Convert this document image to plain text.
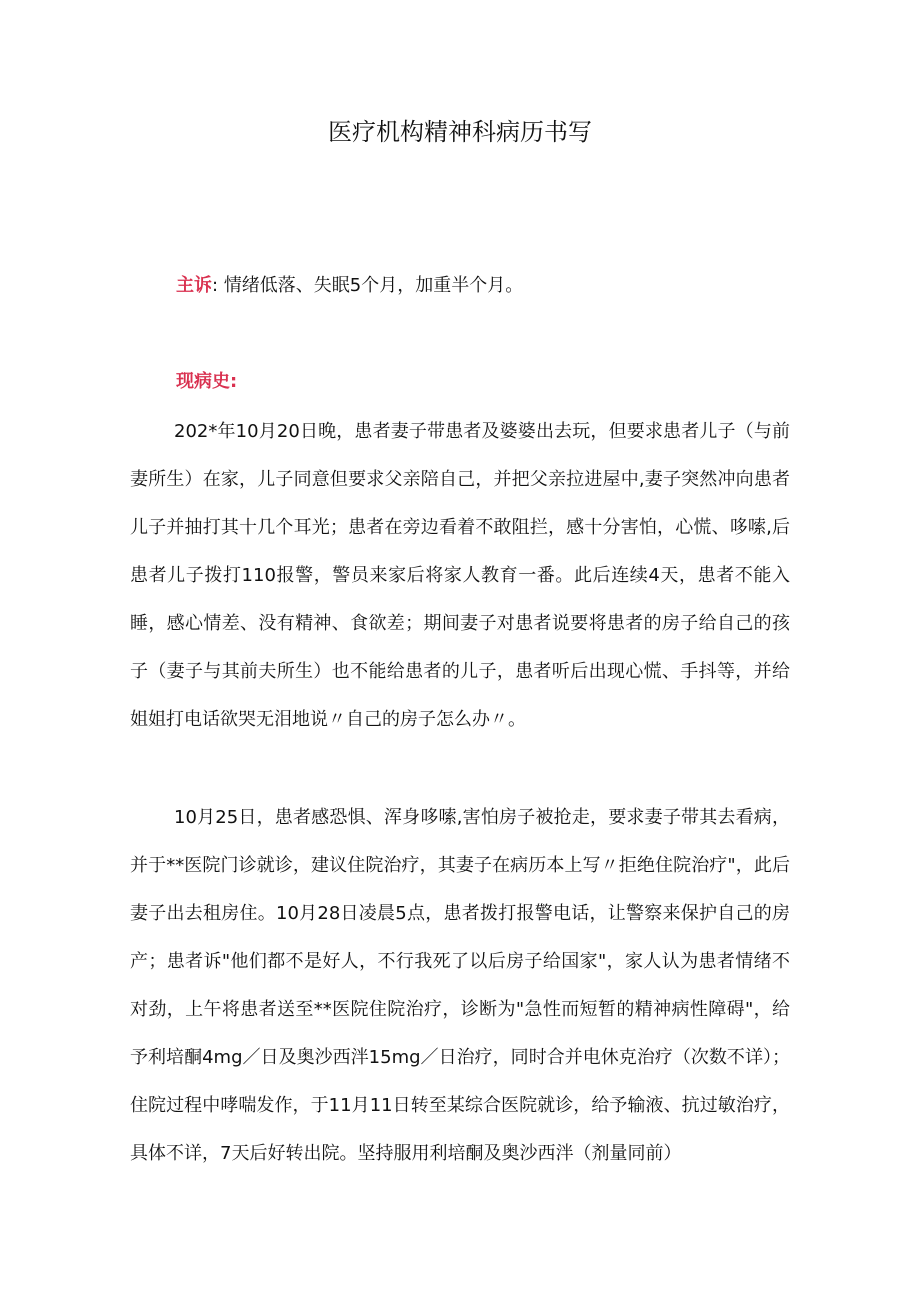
医疗机构精神科病历书写
主诉: 情绪低落、失眠5个月，加重半个月。
现病史:

202*年10月20日晚，患者妻子带患者及婆婆出去玩，但要求患者儿子（与前妻所生）在家，儿子同意但要求父亲陪自己，并把父亲拉进屋中,妻子突然冲向患者儿子并抽打其十几个耳光；患者在旁边看着不敢阻拦，感十分害怕，心慌、哆嗦,后患者儿子拨打110报警，警员来家后将家人教育一番。此后连续4天，患者不能入睡，感心情差、没有精神、食欲差；期间妻子对患者说要将患者的房子给自己的孩子（妻子与其前夫所生）也不能给患者的儿子，患者听后出现心慌、手抖等，并给姐姐打电话欲哭无泪地说〃自己的房子怎么办〃。

10月25日，患者感恐惧、浑身哆嗦,害怕房子被抢走，要求妻子带其去看病，并于**医院门诊就诊，建议住院治疗，其妻子在病历本上写〃拒绝住院治疗"，此后妻子出去租房住。10月28日凌晨5点，患者拨打报警电话，让警察来保护自己的房产；患者诉"他们都不是好人，不行我死了以后房子给国家"，家人认为患者情绪不对劲，上午将患者送至**医院住院治疗，诊断为"急性而短暂的精神病性障碍"，给予利培酮4mg／日及奥沙西泮15mg／日治疗，同时合并电休克治疗（次数不详）；住院过程中哮喘发作，于11月11日转至某综合医院就诊，给予输液、抗过敏治疗，具体不详，7天后好转出院。坚持服用利培酮及奥沙西泮（剂量同前）
